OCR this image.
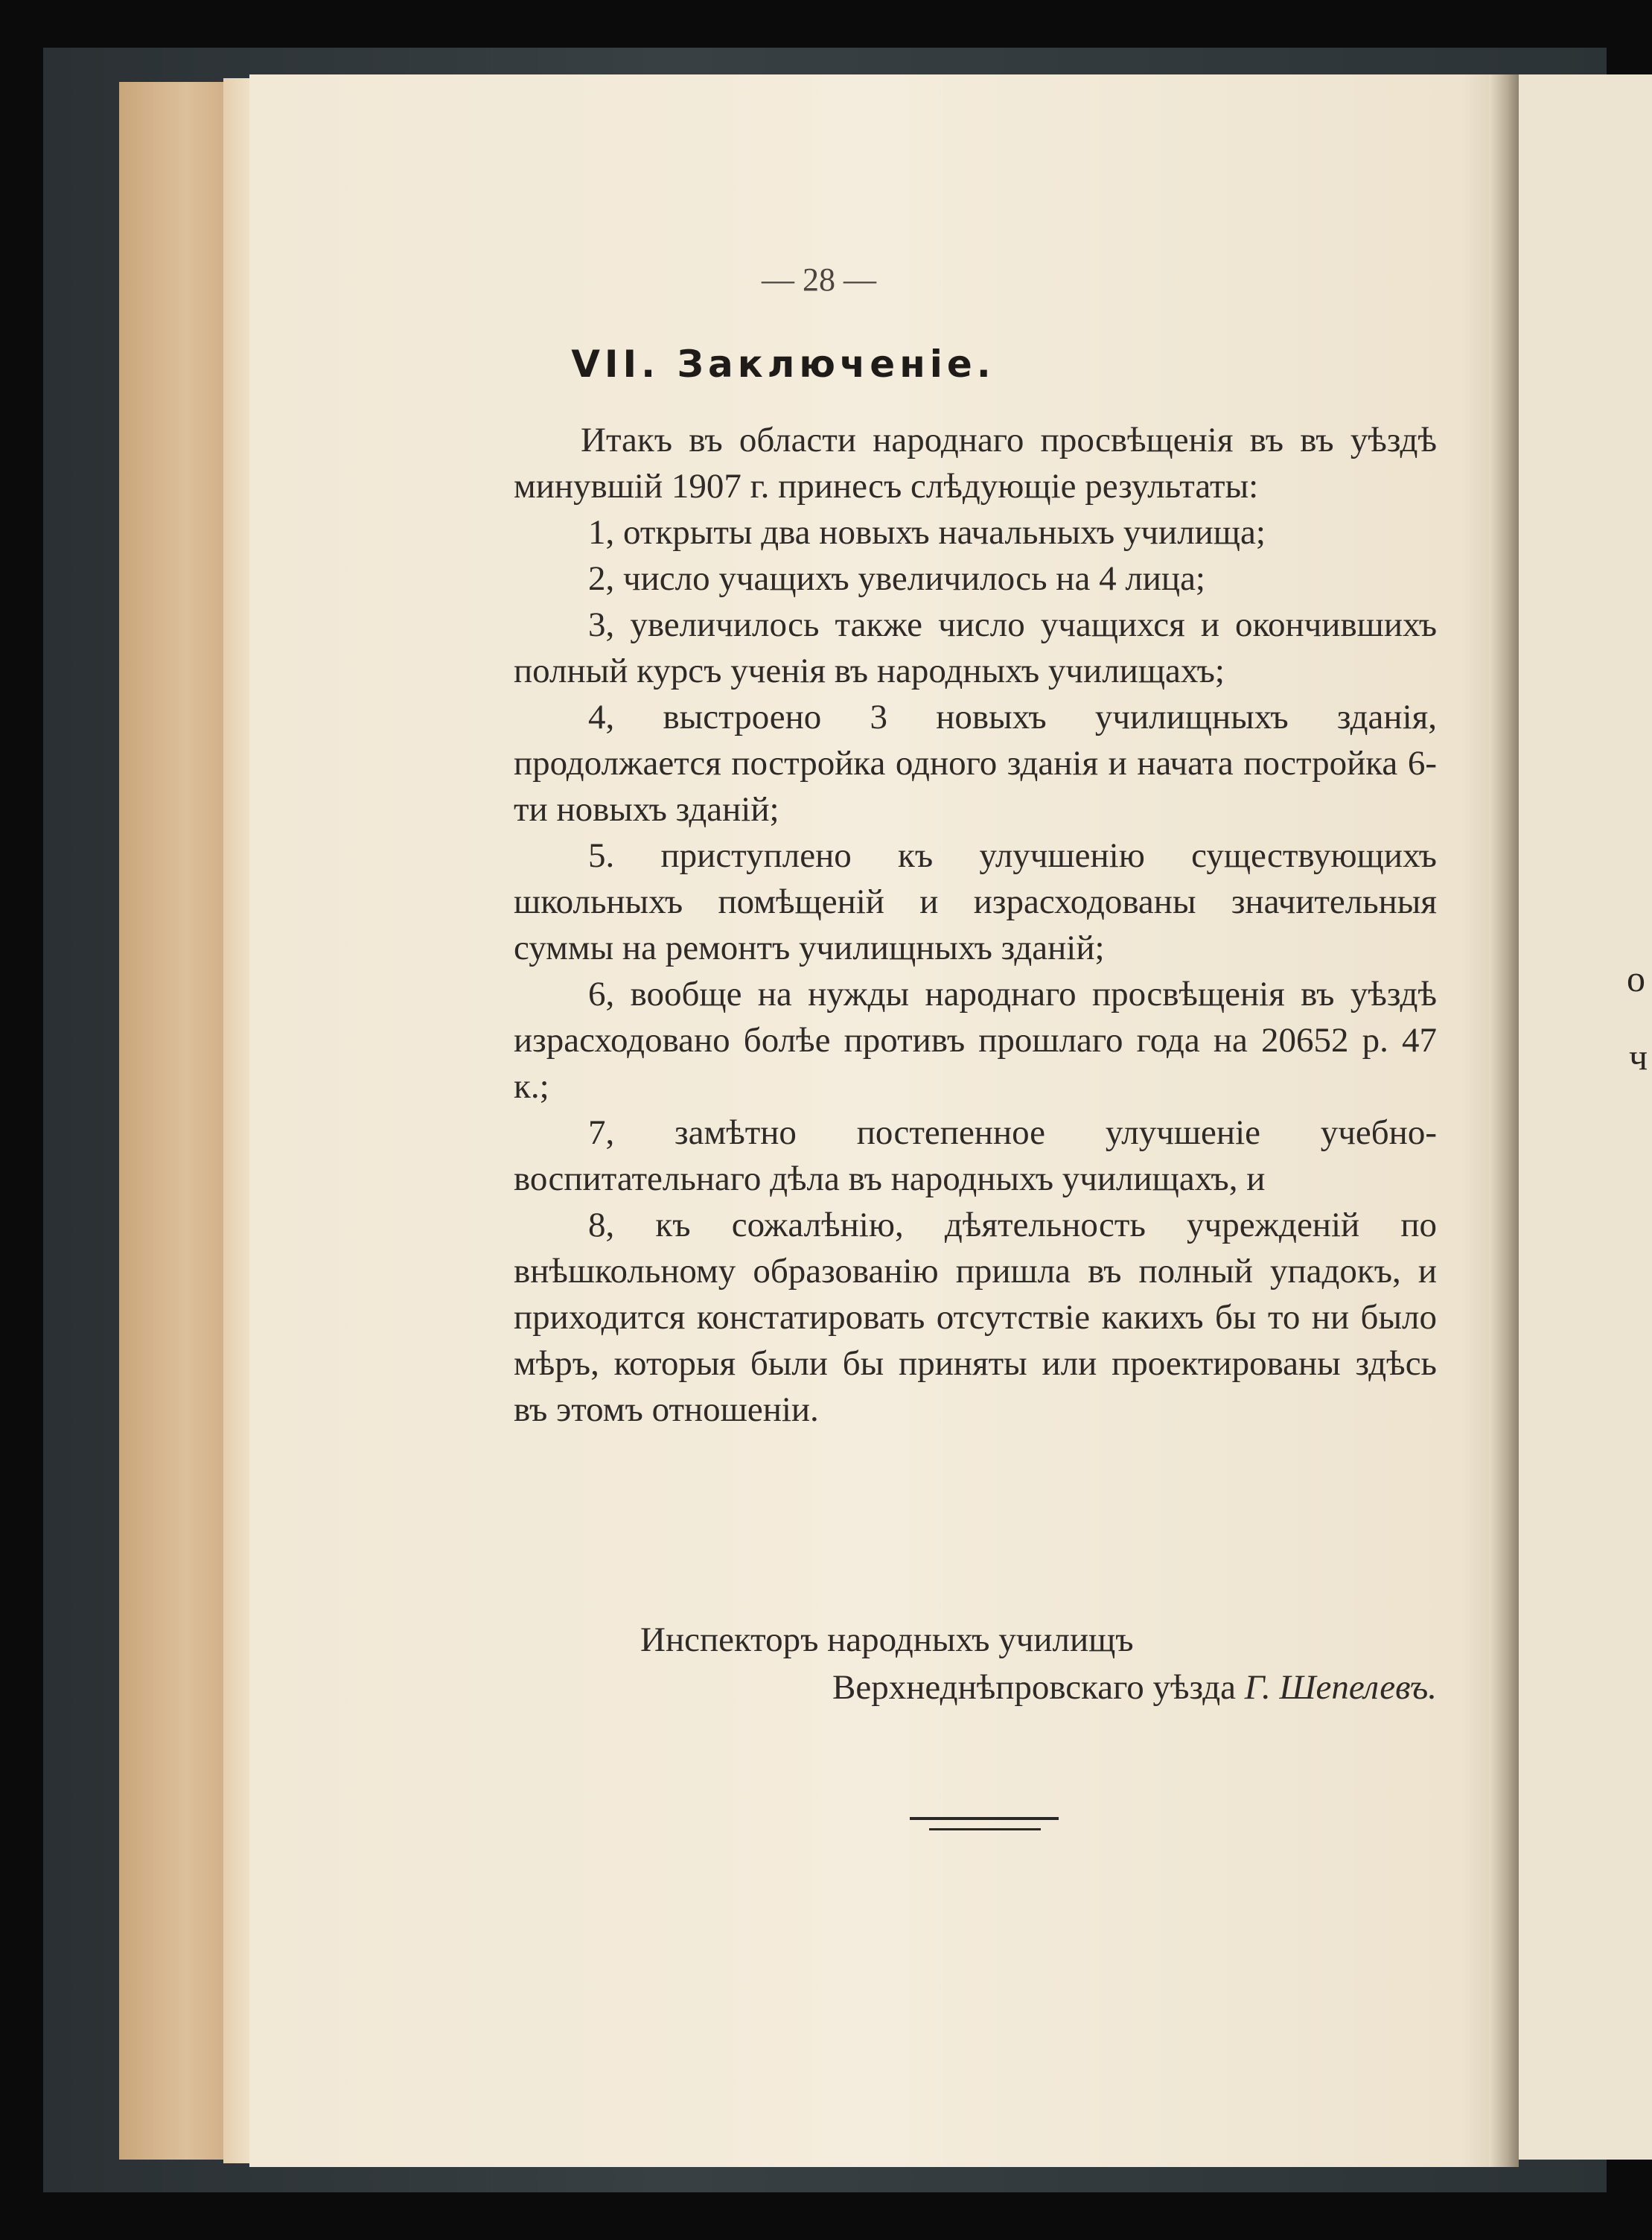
— 28 —
VII. Заключеніе.

Итакъ въ области народнаго просвѣщенія въ въ уѣздѣ минувшій 1907 г. принесъ слѣдующіе результаты:

1, открыты два новыхъ начальныхъ училища;

2, число учащихъ увеличилось на 4 лица;

3, увеличилось также число учащихся и окончившихъ полный курсъ ученія въ народныхъ училищахъ;

4, выстроено 3 новыхъ училищныхъ зданія, продолжается постройка одного зданія и начата постройка 6-ти новыхъ зданій;

5. приступлено къ улучшенію существующихъ школьныхъ помѣщеній и израсходованы значительныя суммы на ремонтъ училищныхъ зданій;

6, вообще на нужды народнаго просвѣщенія въ уѣздѣ израсходовано болѣе противъ прошлаго года на 20652 р. 47 к.;

7, замѣтно постепенное улучшеніе учебно-воспитательнаго дѣла въ народныхъ училищахъ, и

8, къ сожалѣнію, дѣятельность учрежденій по внѣшкольному образованію пришла въ полный упадокъ, и приходится констатировать отсутствіе какихъ бы то ни было мѣръ, которыя были бы приняты или проектированы здѣсь въ этомъ отношеніи.

Инспекторъ народныхъ училищъ
Верхнеднѣпровскаго уѣзда Г. Шепелевъ.
о
ч
